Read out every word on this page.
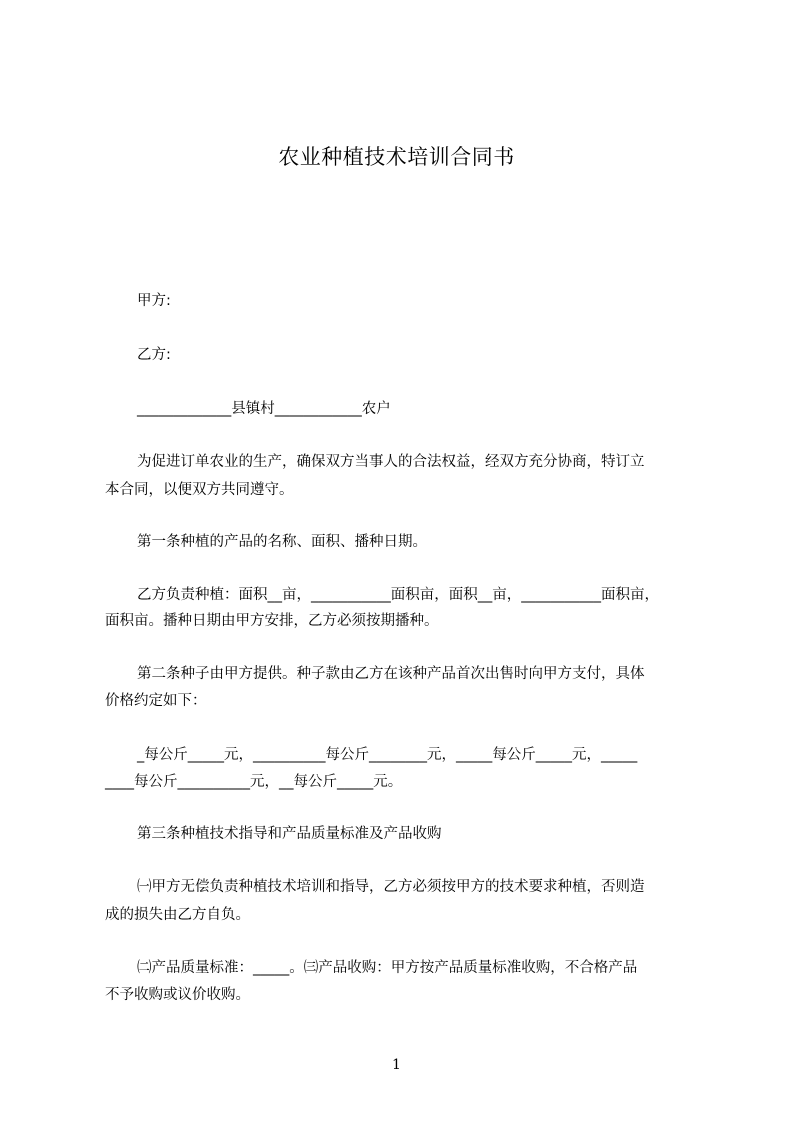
农业种植技术培训合同书
甲方:
乙方:
_____________县镇村____________农户
为促进订单农业的生产，确保双方当事人的合法权益，经双方充分协商，特订立
本合同，以便双方共同遵守。
第一条种植的产品的名称、面积、播种日期。
乙方负责种植：面积__亩，___________面积亩，面积__亩，___________面积亩，
面积亩。播种日期由甲方安排，乙方必须按期播种。
第二条种子由甲方提供。种子款由乙方在该种产品首次出售时向甲方支付，具体
价格约定如下：
_每公斤_____元，__________每公斤________元，_____每公斤_____元，_____
____每公斤__________元，__每公斤_____元。
第三条种植技术指导和产品质量标准及产品收购
㈠甲方无偿负责种植技术培训和指导，乙方必须按甲方的技术要求种植，否则造
成的损失由乙方自负。
㈡产品质量标准：_____。㈢产品收购：甲方按产品质量标准收购，不合格产品
不予收购或议价收购。
1
